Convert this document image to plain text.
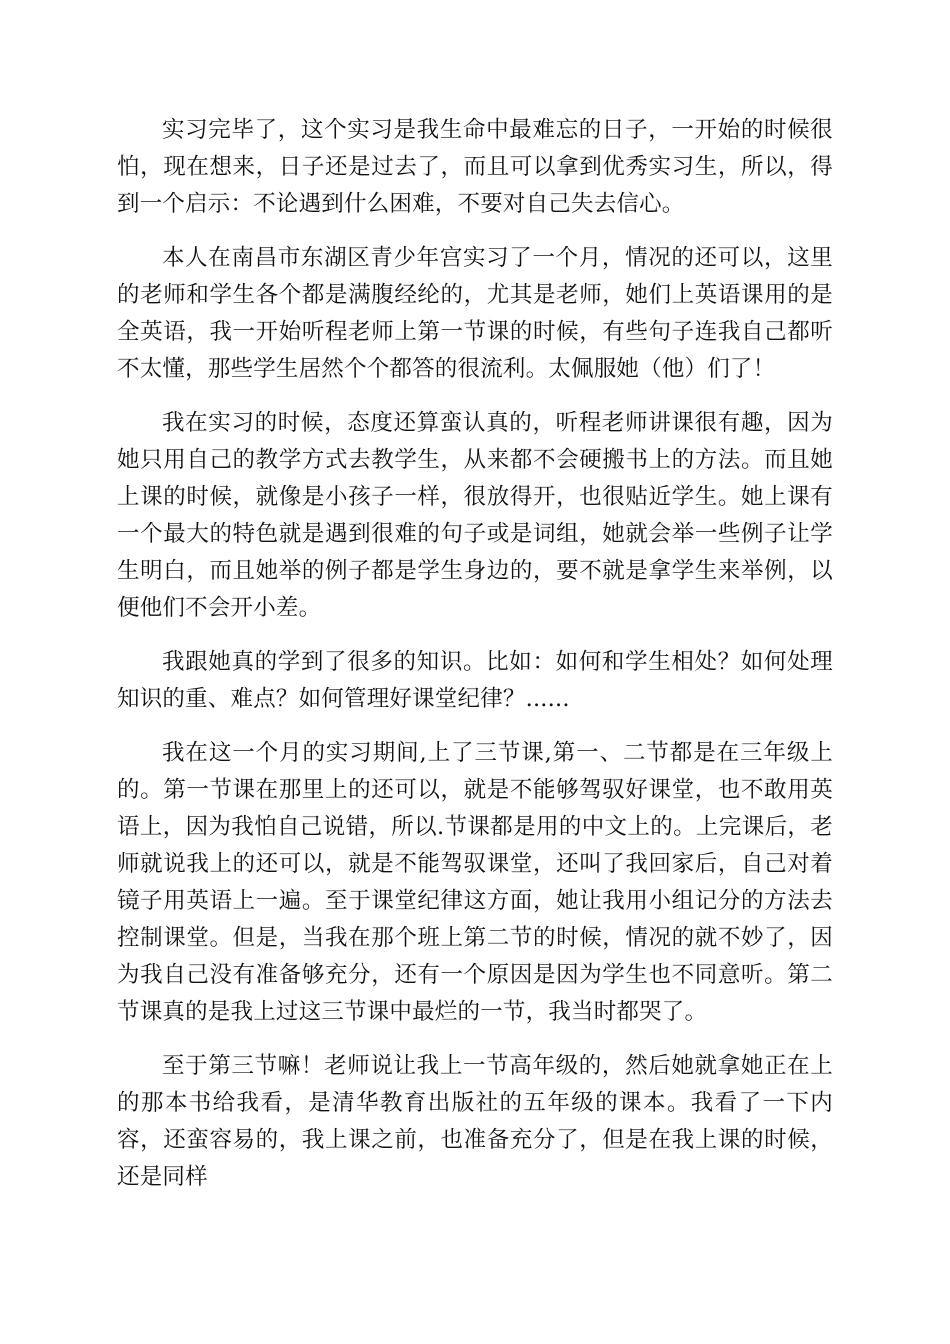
实习完毕了，这个实习是我生命中最难忘的日子，一开始的时候很怕，现在想来，日子还是过去了，而且可以拿到优秀实习生，所以，得到一个启示：不论遇到什么困难，不要对自己失去信心。

本人在南昌市东湖区青少年宫实习了一个月，情况的还可以，这里的老师和学生各个都是满腹经纶的，尤其是老师，她们上英语课用的是全英语，我一开始听程老师上第一节课的时候，有些句子连我自己都听不太懂，那些学生居然个个都答的很流利。太佩服她（他）们了！

我在实习的时候，态度还算蛮认真的，听程老师讲课很有趣，因为她只用自己的教学方式去教学生，从来都不会硬搬书上的方法。而且她上课的时候，就像是小孩子一样，很放得开，也很贴近学生。她上课有一个最大的特色就是遇到很难的句子或是词组，她就会举一些例子让学生明白，而且她举的例子都是学生身边的，要不就是拿学生来举例，以便他们不会开小差。

我跟她真的学到了很多的知识。比如：如何和学生相处？如何处理知识的重、难点？如何管理好课堂纪律？......

我在这一个月的实习期间,上了三节课,第一、二节都是在三年级上的。第一节课在那里上的还可以，就是不能够驾驭好课堂，也不敢用英语上，因为我怕自己说错，所以.节课都是用的中文上的。上完课后，老师就说我上的还可以，就是不能驾驭课堂，还叫了我回家后，自己对着镜子用英语上一遍。至于课堂纪律这方面，她让我用小组记分的方法去控制课堂。但是，当我在那个班上第二节的时候，情况的就不妙了，因为我自己没有准备够充分，还有一个原因是因为学生也不同意听。第二节课真的是我上过这三节课中最烂的一节，我当时都哭了。

至于第三节嘛！老师说让我上一节高年级的，然后她就拿她正在上的那本书给我看，是清华教育出版社的五年级的课本。我看了一下内容，还蛮容易的，我上课之前，也准备充分了，但是在我上课的时候，还是同样
